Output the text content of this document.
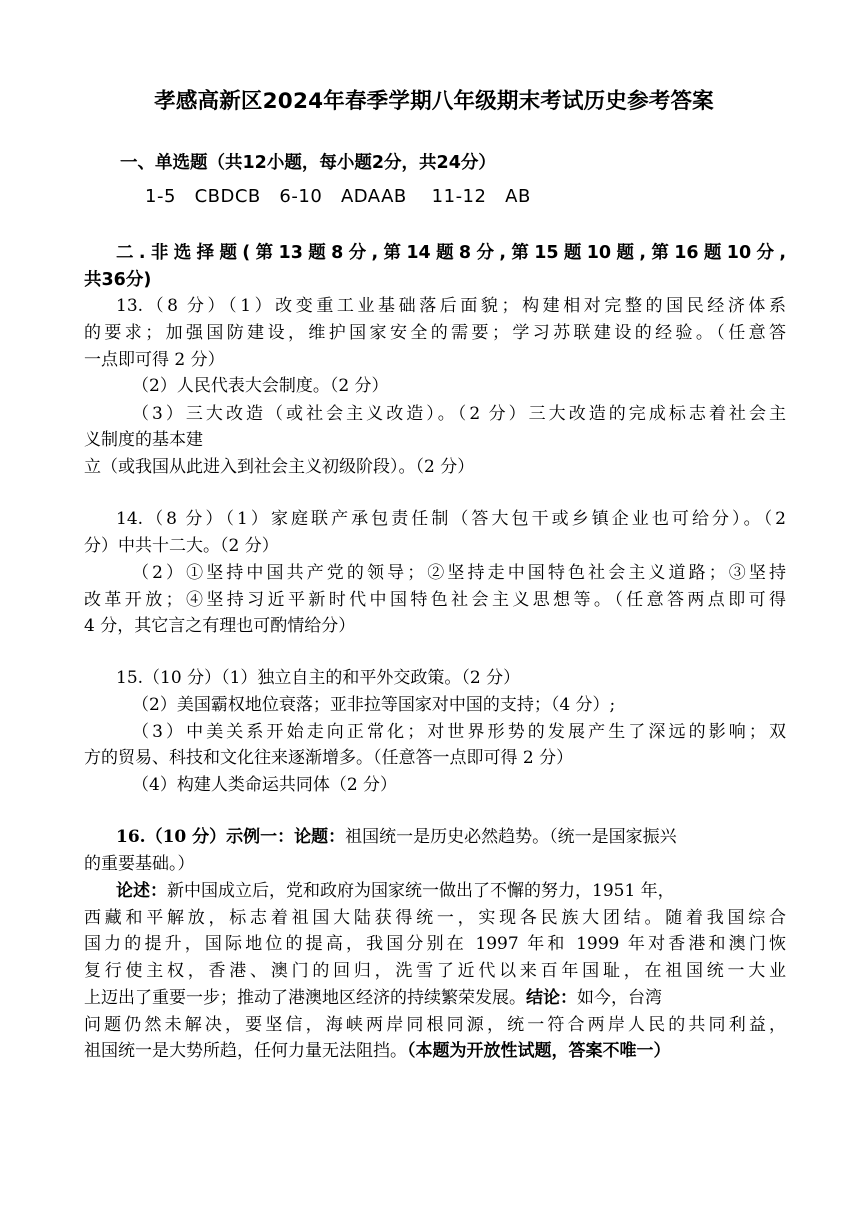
孝感高新区2024年春季学期八年级期末考试历史参考答案
一、单选题（共12小题，每小题2分，共24分）
1-5   CBDCB   6-10   ADAAB    11-12   AB
二.非选择题(第13题8分,第14题8分,第15题10题,第16题10分,
共36分)
13.（8 分）（1）改变重工业基础落后面貌；构建相对完整的国民经济体系
的要求；加强国防建设，维护国家安全的需要；学习苏联建设的经验。（任意答
一点即可得 2 分）
（2）人民代表大会制度。（2 分）
（3）三大改造（或社会主义改造）。（2 分）三大改造的完成标志着社会主
义制度的基本建
立（或我国从此进入到社会主义初级阶段）。（2 分）
14.（8 分）（1）家庭联产承包责任制（答大包干或乡镇企业也可给分）。（2
分）中共十二大。（2 分）
（2）①坚持中国共产党的领导；②坚持走中国特色社会主义道路；③坚持
改革开放；④坚持习近平新时代中国特色社会主义思想等。（任意答两点即可得
4 分，其它言之有理也可酌情给分）
15.（10 分）（1）独立自主的和平外交政策。（2 分）
（2）美国霸权地位衰落；亚非拉等国家对中国的支持；（4 分）;
（3）中美关系开始走向正常化；对世界形势的发展产生了深远的影响；双
方的贸易、科技和文化往来逐渐增多。（任意答一点即可得 2 分）
（4）构建人类命运共同体（2 分）
16.（10 分）示例一：论题：祖国统一是历史必然趋势。（统一是国家振兴
的重要基础。）
论述：新中国成立后，党和政府为国家统一做出了不懈的努力，1951 年，
西藏和平解放，标志着祖国大陆获得统一，实现各民族大团结。随着我国综合
国力的提升，国际地位的提高，我国分别在 1997 年和 1999 年对香港和澳门恢
复行使主权，香港、澳门的回归，洗雪了近代以来百年国耻，在祖国统一大业
上迈出了重要一步；推动了港澳地区经济的持续繁荣发展。结论：如今，台湾
问题仍然未解决，要坚信，海峡两岸同根同源，统一符合两岸人民的共同利益，
祖国统一是大势所趋，任何力量无法阻挡。（本题为开放性试题，答案不唯一）
